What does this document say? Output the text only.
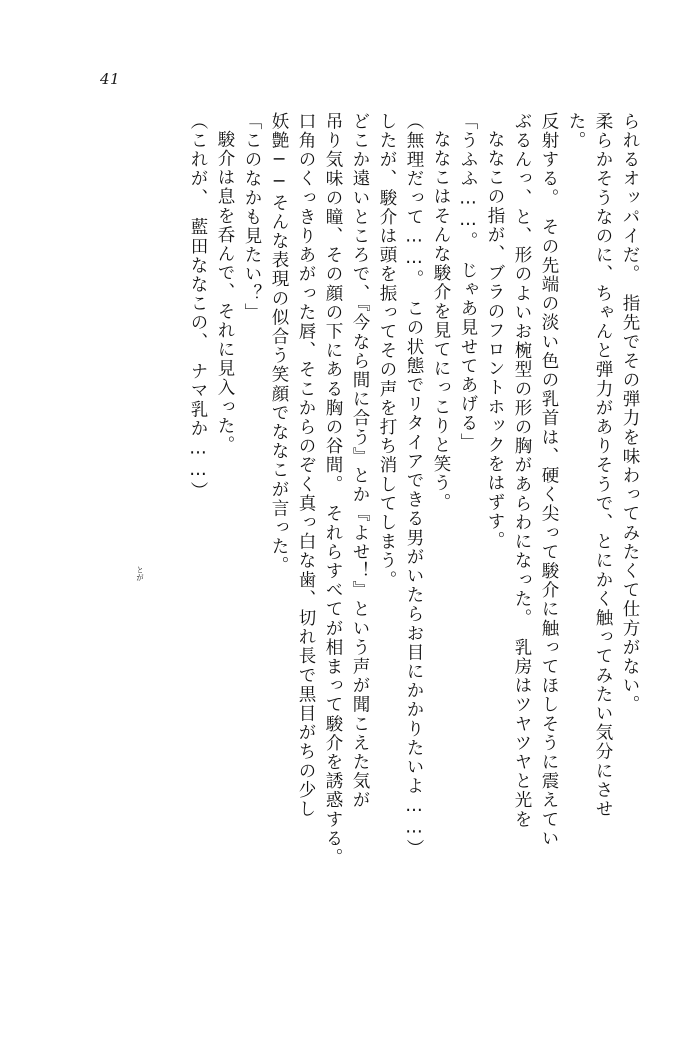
41
られるオッパイだ。　指先でその弾力を味わってみたくて仕方がない。
柔らかそうなのに、ちゃんと弾力がありそうで、とにかく触ってみたい気分にさせ
た。
反射する。　その先端の淡い色の乳首は、硬く尖って駿介に触ってほしそうに震えてい
ぶるんっ、と、形のよいお椀型の形の胸があらわになった。　乳房はツヤツヤと光を
ななこの指が、ブラのフロントホックをはずす。
「うふふ……。　じゃあ見せてあげる」
ななこはそんな駿介を見てにっこりと笑う。
（無理だって……。　この状態でリタイアできる男がいたらお目にかかりたいよ……）
したが、駿介は頭を振ってその声を打ち消してしまう。
どこか遠いところで、『今なら間に合う』とか『よせ！』という声が聞こえた気が
吊り気味の瞳、その顔の下にある胸の谷間。　それらすべてが相まって駿介を誘惑する。
口角のくっきりあがった唇、そこからのぞく真っ白な歯、切れ長で黒目がちの少し
妖艶──そんな表現の似合う笑顔でななこが言った。
「このなかも見たい？」
駿介は息を呑んで、それに見入った。
（これが、　藍田ななこの、　ナマ乳か……）
とが
